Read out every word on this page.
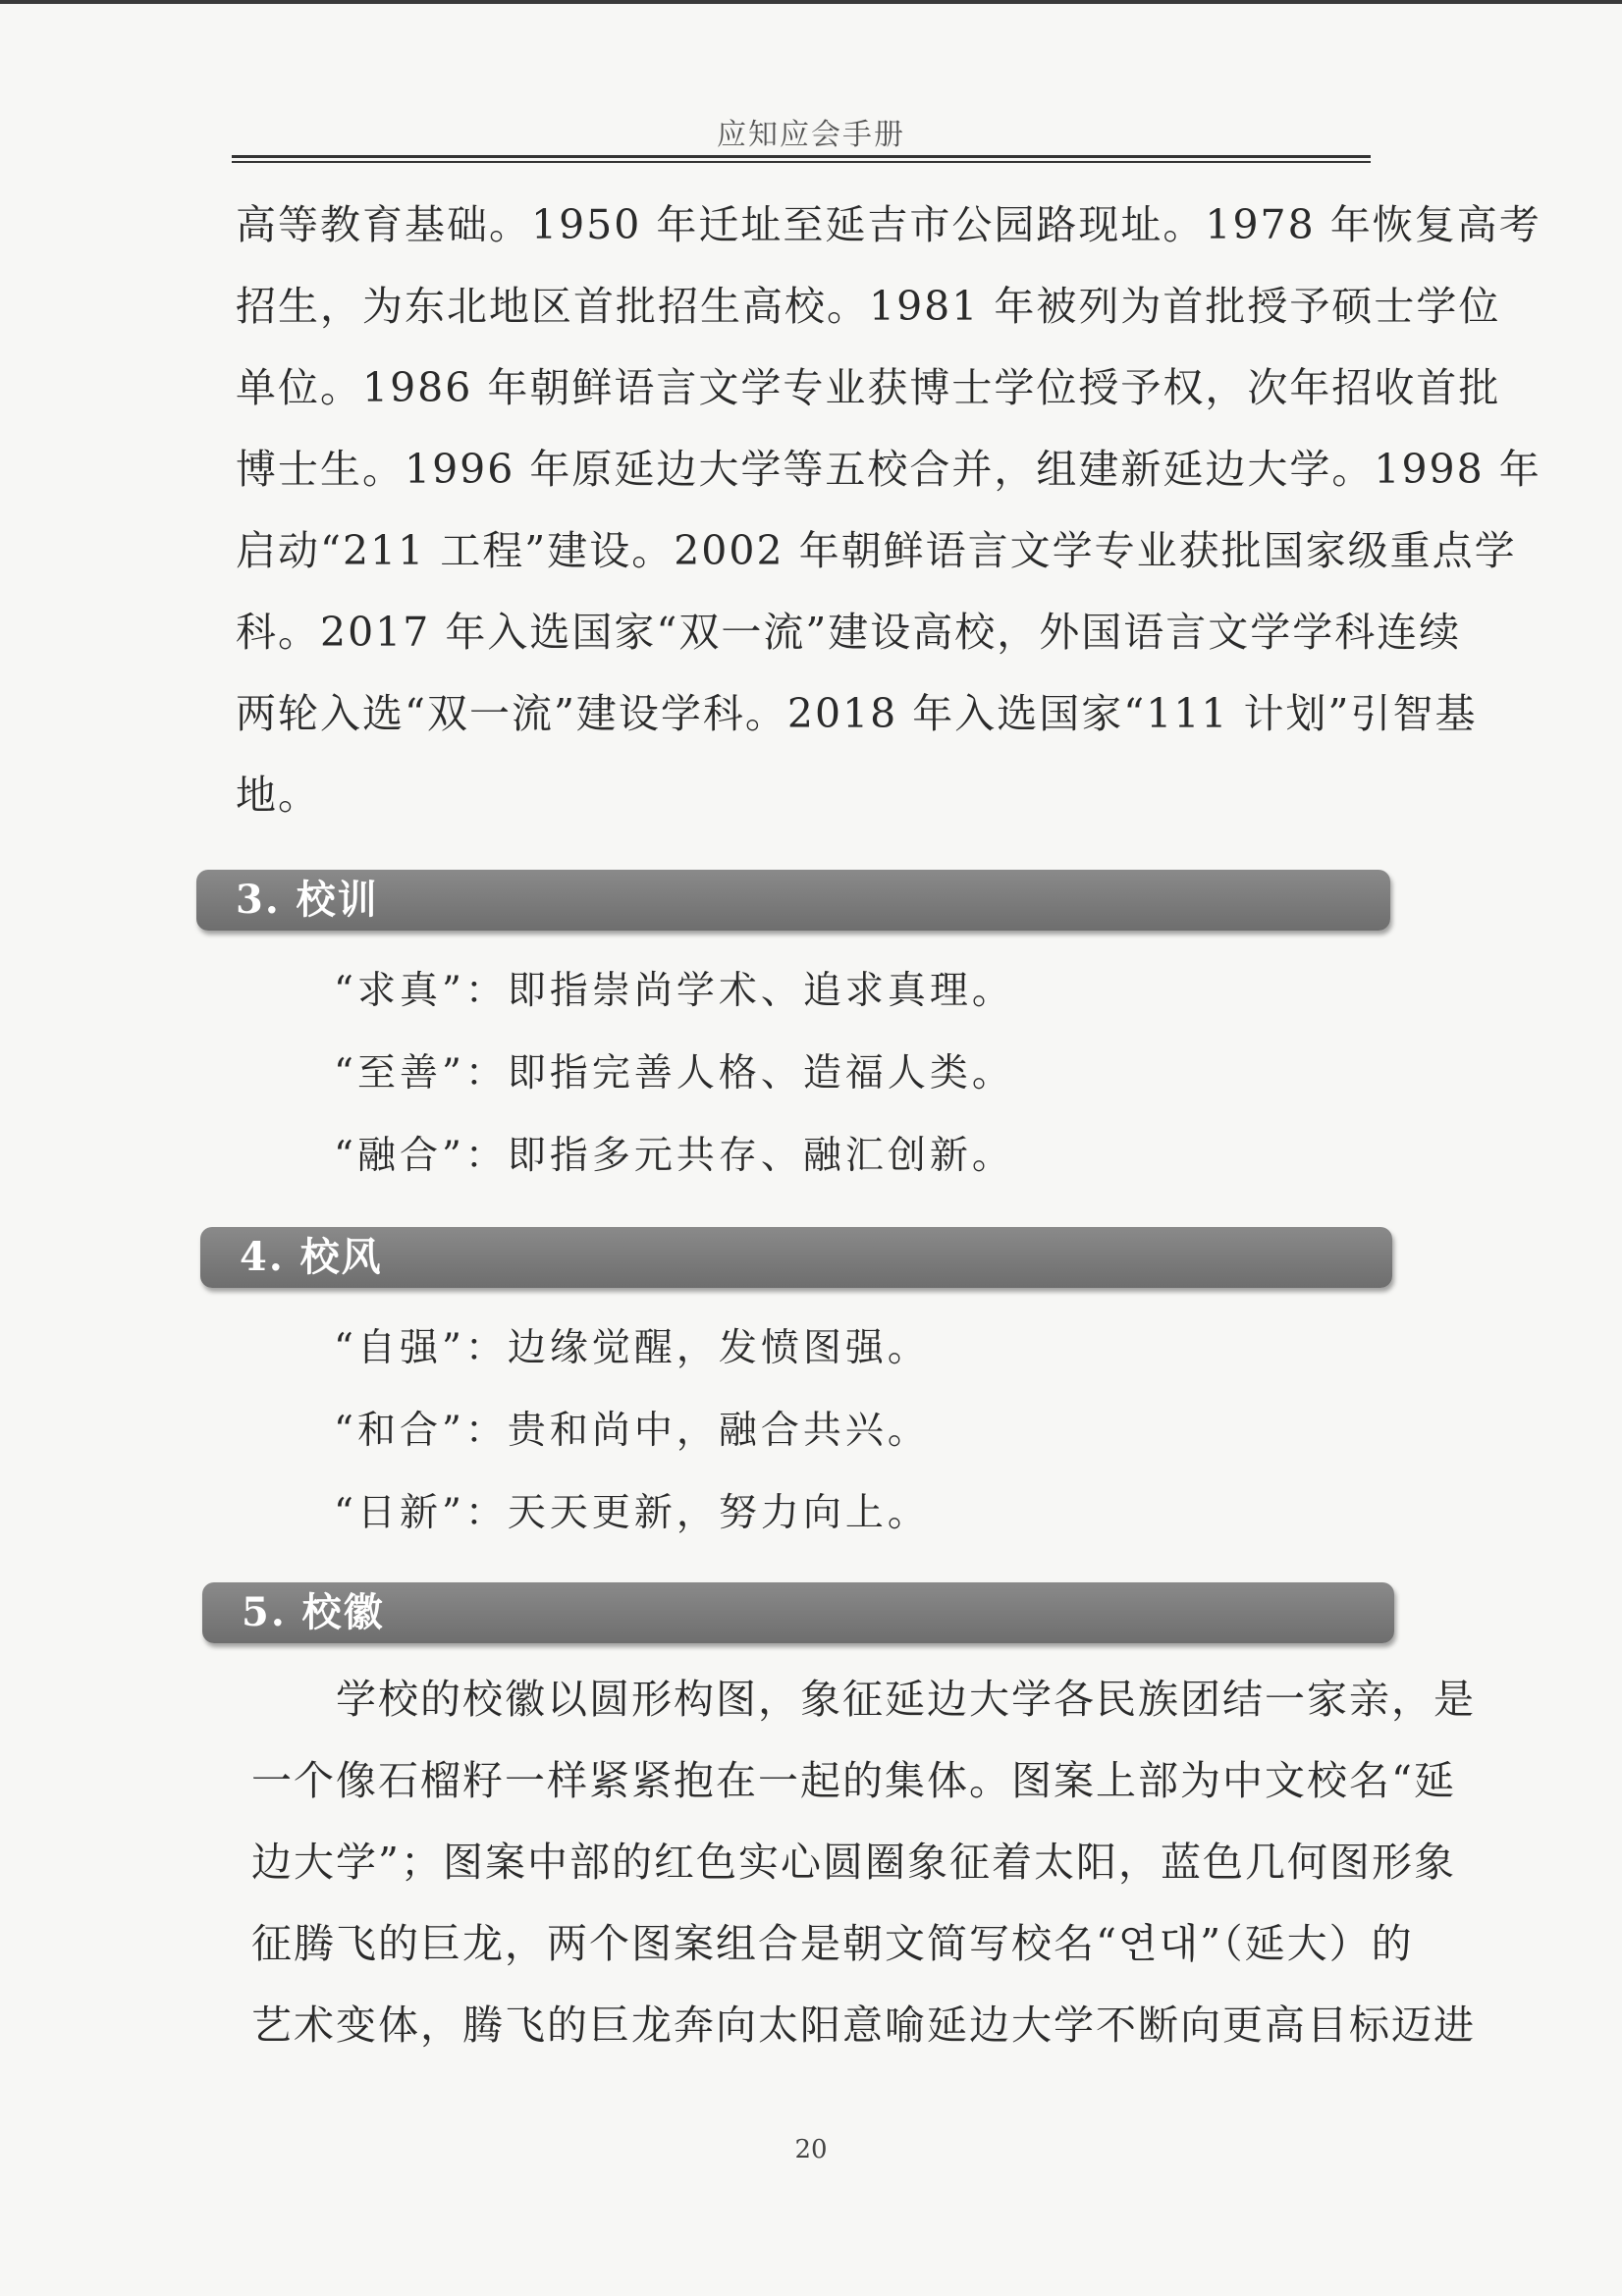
应知应会手册
高等教育基础。1950 年迁址至延吉市公园路现址。1978 年恢复高考
招生，为东北地区首批招生高校。1981 年被列为首批授予硕士学位
单位。1986 年朝鲜语言文学专业获博士学位授予权，次年招收首批
博士生。1996 年原延边大学等五校合并，组建新延边大学。1998 年
启动“211 工程”建设。2002 年朝鲜语言文学专业获批国家级重点学
科。2017 年入选国家“双一流”建设高校，外国语言文学学科连续
两轮入选“双一流”建设学科。2018 年入选国家“111 计划”引智基
地。
3. 校训
“求真”：即指崇尚学术、追求真理。
“至善”：即指完善人格、造福人类。
“融合”：即指多元共存、融汇创新。
4. 校风
“自强”：边缘觉醒，发愤图强。
“和合”：贵和尚中，融合共兴。
“日新”：天天更新，努力向上。
5. 校徽
　　学校的校徽以圆形构图，象征延边大学各民族团结一家亲，是
一个像石榴籽一样紧紧抱在一起的集体。图案上部为中文校名“延
边大学”；图案中部的红色实心圆圈象征着太阳，蓝色几何图形象
征腾飞的巨龙，两个图案组合是朝文简写校名“연대”（延大）的
艺术变体，腾飞的巨龙奔向太阳意喻延边大学不断向更高目标迈进
20
